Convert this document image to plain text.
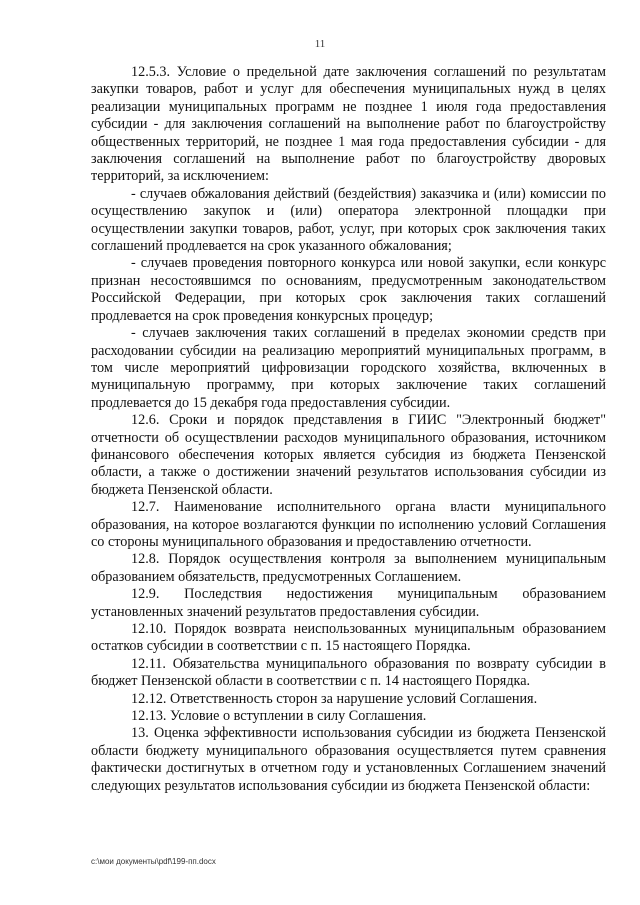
11

12.5.3. Условие о предельной дате заключения соглашений по результатам закупки товаров, работ и услуг для обеспечения муниципальных нужд в целях реализации муниципальных программ не позднее 1 июля года предоставления субсидии - для заключения соглашений на выполнение работ по благоустройству общественных территорий, не позднее 1 мая года предоставления субсидии - для заключения соглашений на выполнение работ по благоустройству дворовых территорий, за исключением:

- случаев обжалования действий (бездействия) заказчика и (или) комиссии по осуществлению закупок и (или) оператора электронной площадки при осуществлении закупки товаров, работ, услуг, при которых срок заключения таких соглашений продлевается на срок указанного обжалования;

- случаев проведения повторного конкурса или новой закупки, если конкурс признан несостоявшимся по основаниям, предусмотренным законодательством Российской Федерации, при которых срок заключения таких соглашений продлевается на срок проведения конкурсных процедур;

- случаев заключения таких соглашений в пределах экономии средств при расходовании субсидии на реализацию мероприятий муниципальных программ, в том числе мероприятий цифровизации городского хозяйства, включенных в муниципальную программу, при которых заключение таких соглашений продлевается до 15 декабря года предоставления субсидии.

12.6. Сроки и порядок представления в ГИИС "Электронный бюджет" отчетности об осуществлении расходов муниципального образования, источником финансового обеспечения которых является субсидия из бюджета Пензенской области, а также о достижении значений результатов использования субсидии из бюджета Пензенской области.

12.7. Наименование исполнительного органа власти муниципального образования, на которое возлагаются функции по исполнению условий Соглашения со стороны муниципального образования и предоставлению отчетности.

12.8. Порядок осуществления контроля за выполнением муниципальным образованием обязательств, предусмотренных Соглашением.

12.9. Последствия недостижения муниципальным образованием установленных значений результатов предоставления субсидии.

12.10. Порядок возврата неиспользованных муниципальным образованием остатков субсидии в соответствии с п. 15 настоящего Порядка.

12.11. Обязательства муниципального образования по возврату субсидии в бюджет Пензенской области в соответствии с п. 14 настоящего Порядка.

12.12. Ответственность сторон за нарушение условий Соглашения.

12.13. Условие о вступлении в силу Соглашения.

13. Оценка эффективности использования субсидии из бюджета Пензенской области бюджету муниципального образования осуществляется путем сравнения фактически достигнутых в отчетном году и установленных Соглашением значений следующих результатов использования субсидии из бюджета Пензенской области:

c:\мои документы\pdf\199-пп.docx
